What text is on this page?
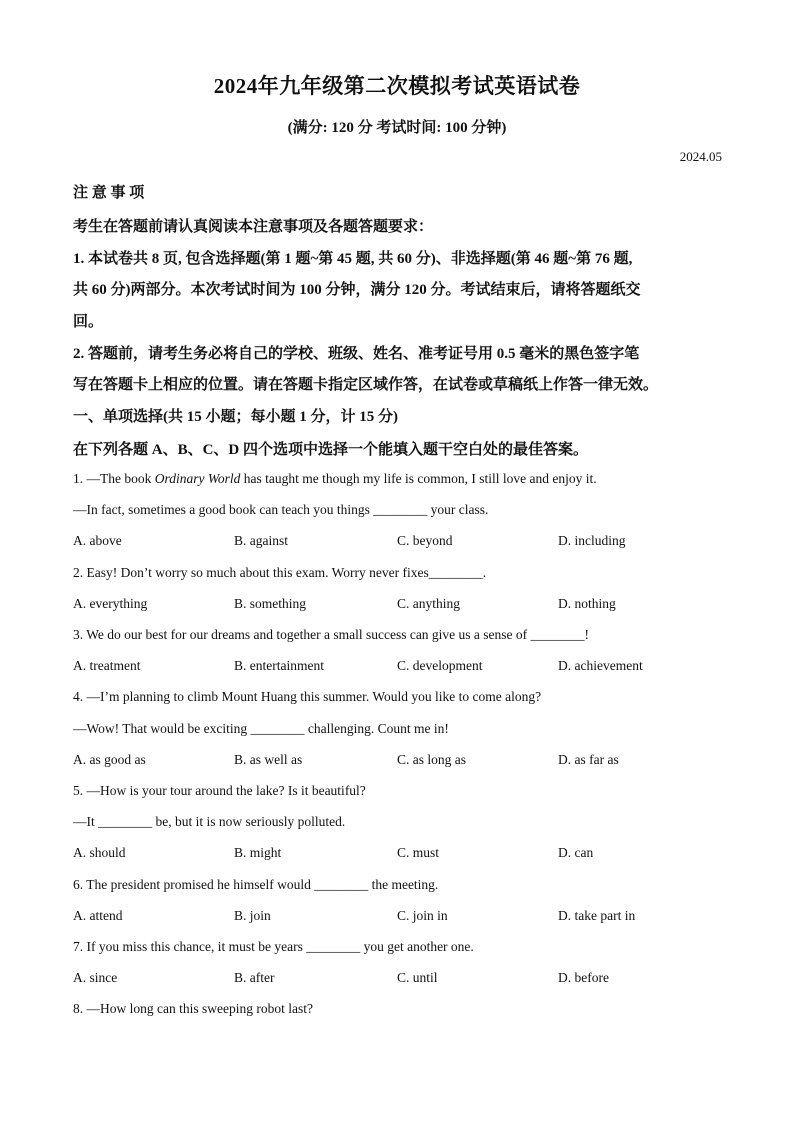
2024年九年级第二次模拟考试英语试卷
(满分: 120 分 考试时间: 100 分钟)
2024.05
注 意 事 项
考生在答题前请认真阅读本注意事项及各题答题要求：
1. 本试卷共 8 页, 包含选择题(第 1 题~第 45 题, 共 60 分)、非选择题(第 46 题~第 76 题,
共 60 分)两部分。本次考试时间为 100 分钟，满分 120 分。考试结束后，请将答题纸交
回。
2. 答题前，请考生务必将自己的学校、班级、姓名、准考证号用 0.5 毫米的黑色签字笔
写在答题卡上相应的位置。请在答题卡指定区域作答，在试卷或草稿纸上作答一律无效。
一、单项选择(共 15 小题；每小题 1 分，计 15 分)
在下列各题 A、B、C、D 四个选项中选择一个能填入题干空白处的最佳答案。
1. —The book Ordinary World has taught me though my life is common, I still love and enjoy it.
—In fact, sometimes a good book can teach you things ________ your class.
A. above	B. against	C. beyond	D. including
2. Easy! Don’t worry so much about this exam. Worry never fixes________.
A. everything	B. something	C. anything	D. nothing
3. We do our best for our dreams and together a small success can give us a sense of ________!
A. treatment	B. entertainment	C. development	D. achievement
4. —I’m planning to climb Mount Huang this summer. Would you like to come along?
—Wow! That would be exciting ________ challenging. Count me in!
A. as good as	B. as well as	C. as long as	D. as far as
5. —How is your tour around the lake? Is it beautiful?
—It ________ be, but it is now seriously polluted.
A. should	B. might	C. must	D. can
6. The president promised he himself would ________ the meeting.
A. attend	B. join	C. join in	D. take part in
7. If you miss this chance, it must be years ________ you get another one.
A. since	B. after	C. until	D. before
8. —How long can this sweeping robot last?
